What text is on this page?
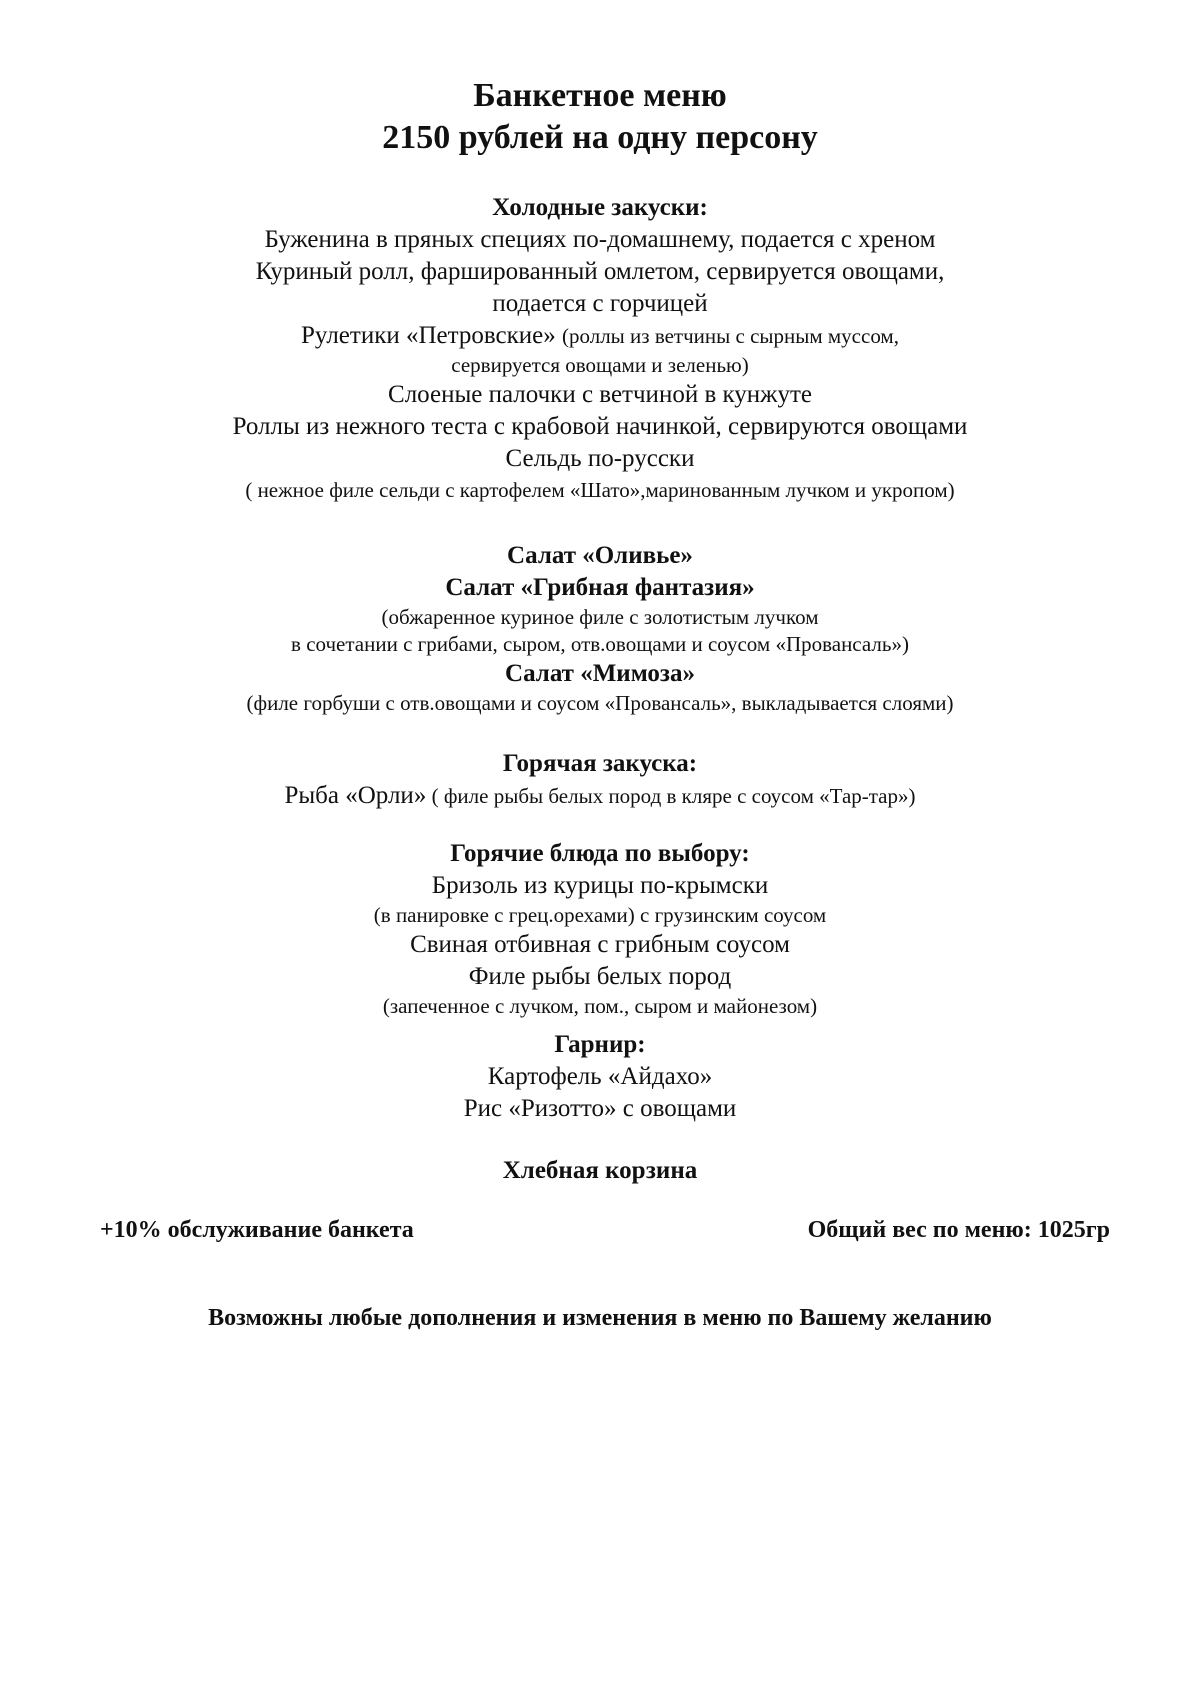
Банкетное меню
2150 рублей на одну персону
Холодные закуски:
Буженина в пряных специях по-домашнему, подается с хреном
Куриный ролл, фаршированный омлетом, сервируется овощами,
подается с горчицей
Рулетики «Петровские» (роллы из ветчины с сырным муссом,
сервируется овощами и зеленью)
Слоеные палочки с ветчиной в кунжуте
Роллы из нежного теста с крабовой начинкой, сервируются овощами
Сельдь по-русски
( нежное филе сельди с картофелем «Шато»,маринованным лучком и укропом)
Салат «Оливье»
Салат «Грибная фантазия»
(обжаренное куриное филе с золотистым лучком
в сочетании с грибами, сыром, отв.овощами и соусом «Провансаль»)
Салат «Мимоза»
(филе горбуши с отв.овощами и соусом «Провансаль», выкладывается слоями)
Горячая закуска:
Рыба «Орли» ( филе рыбы белых пород в кляре с соусом «Тар-тар»)
Горячие блюда по выбору:
Бризоль из курицы по-крымски
(в панировке с грец.орехами) с грузинским соусом
Свиная отбивная с грибным соусом
Филе рыбы белых пород
(запеченное с лучком, пом., сыром и майонезом)
Гарнир:
Картофель «Айдахо»
Рис «Ризотто» с овощами
Хлебная корзина
+10% обслуживание банкета	Общий вес по меню: 1025гр
Возможны любые дополнения и изменения в меню по Вашему желанию
